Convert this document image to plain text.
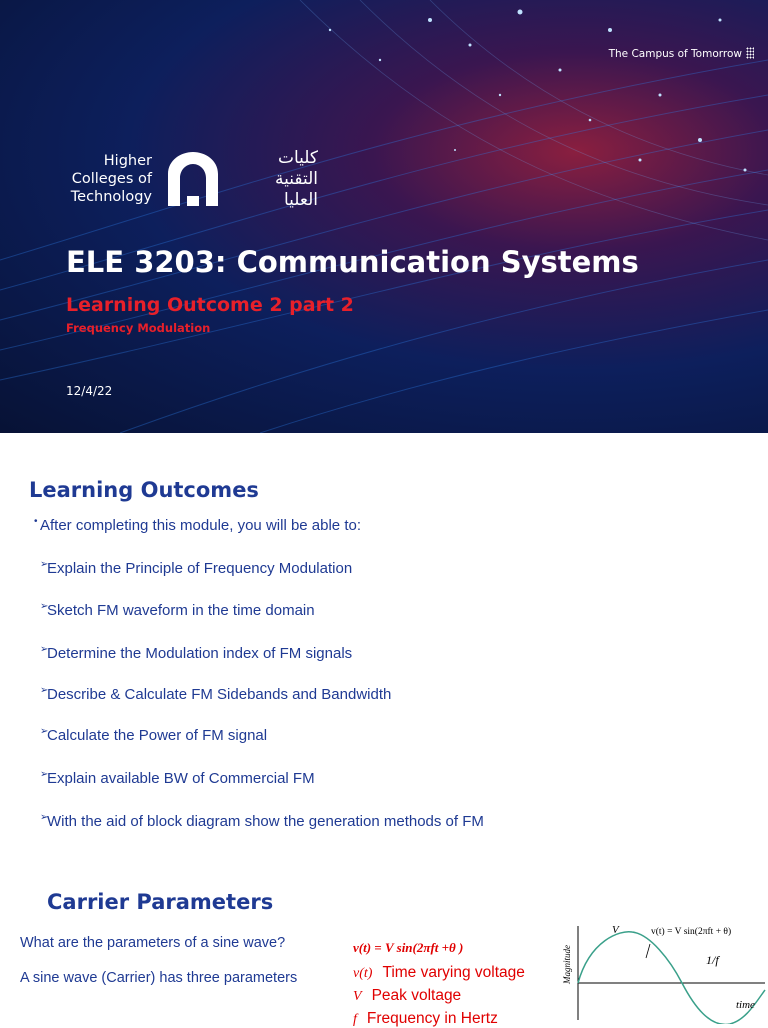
The Campus of Tomorrow
Higher
Colleges of
Technology
كليات
التقنية
العليا
ELE 3203: Communication Systems
Learning Outcome 2 part 2
Frequency Modulation
12/4/22
Learning Outcomes
• After completing this module, you will be able to:
➢
Explain the Principle of Frequency Modulation
➢
Sketch FM waveform in the time domain
➢
Determine the Modulation index of FM signals
➢
Describe & Calculate FM Sidebands and Bandwidth
➢
Calculate the Power of FM signal
➢
Explain available BW of Commercial FM
➢
With the aid of block diagram show the generation methods of FM
Carrier Parameters
What are the parameters of a sine wave?
A sine wave (Carrier) has three parameters
v(t) = V sin(2πft +θ )
v(t) Time varying voltage
V Peak voltage
f Frequency in Hertz
Magnitude
V	v(t) = V sin(2πft + θ)
1/f
time
